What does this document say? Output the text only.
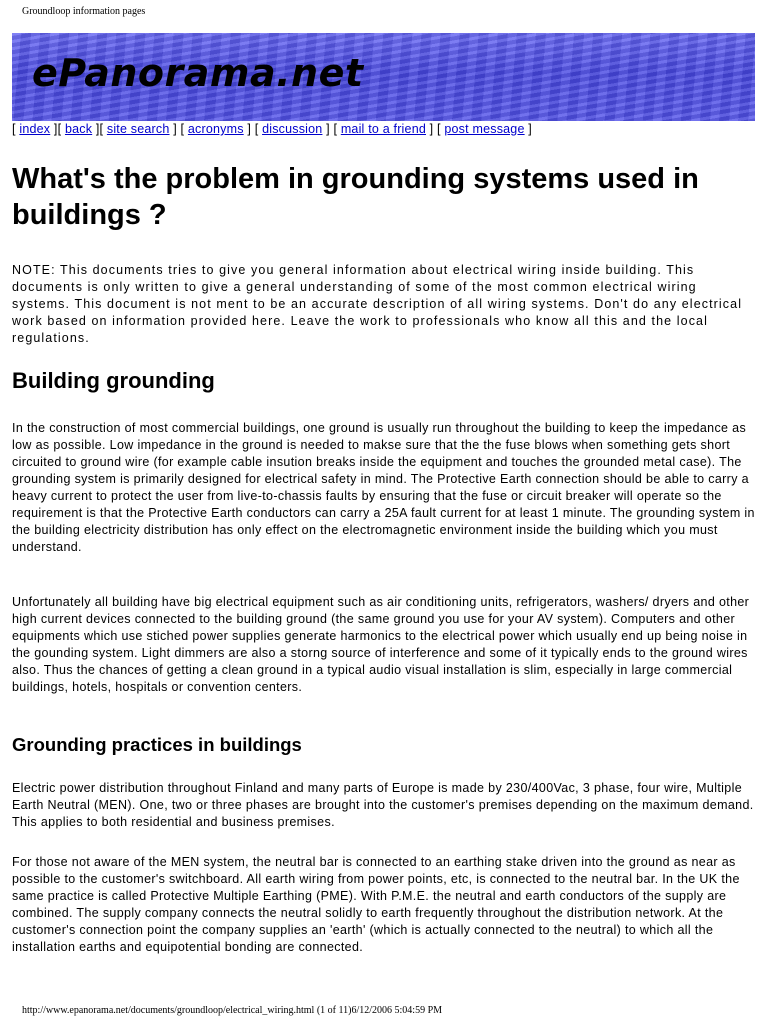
Groundloop information pages
ePanorama.net
[ index ][ back ][ site search ] [ acronyms ] [ discussion ] [ mail to a friend ] [ post message ]
What's the problem in grounding systems used in buildings ?

NOTE: This documents tries to give you general information about electrical wiring inside building. This documents is only written to give a general understanding of some of the most common electrical wiring systems. This document is not ment to be an accurate description of all wiring systems. Don't do any electrical work based on information provided here. Leave the work to professionals who know all this and the local regulations.

Building grounding

In the construction of most commercial buildings, one ground is usually run throughout the building to keep the impedance as low as possible. Low impedance in the ground is needed to makse sure that the the fuse blows when something gets short circuited to ground wire (for example cable insution breaks inside the equipment and touches the grounded metal case). The grounding system is primarily designed for electrical safety in mind. The Protective Earth connection should be able to carry a heavy current to protect the user from live-to-chassis faults by ensuring that the fuse or circuit breaker will operate so the requirement is that the Protective Earth conductors can carry a 25A fault current for at least 1 minute. The grounding system in the building electricity distribution has only effect on the electromagnetic environment inside the building which you must understand.

Unfortunately all building have big electrical equipment such as air conditioning units, refrigerators, washers/ dryers and other high current devices connected to the building ground (the same ground you use for your AV system). Computers and other equipments which use stiched power supplies generate harmonics to the electrical power which usually end up being noise in the gounding system. Light dimmers are also a storng source of interference and some of it typically ends to the ground wires also. Thus the chances of getting a clean ground in a typical audio visual installation is slim, especially in large commercial buildings, hotels, hospitals or convention centers.

Grounding practices in buildings

Electric power distribution throughout Finland and many parts of Europe is made by 230/400Vac, 3 phase, four wire, Multiple Earth Neutral (MEN). One, two or three phases are brought into the customer's premises depending on the maximum demand. This applies to both residential and business premises.

For those not aware of the MEN system, the neutral bar is connected to an earthing stake driven into the ground as near as possible to the customer's switchboard. All earth wiring from power points, etc, is connected to the neutral bar. In the UK the same practice is called Protective Multiple Earthing (PME). With P.M.E. the neutral and earth conductors of the supply are combined. The supply company connects the neutral solidly to earth frequently throughout the distribution network. At the customer's connection point the company supplies an 'earth' (which is actually connected to the neutral) to which all the installation earths and equipotential bonding are connected.

http://www.epanorama.net/documents/groundloop/electrical_wiring.html (1 of 11)6/12/2006 5:04:59 PM
